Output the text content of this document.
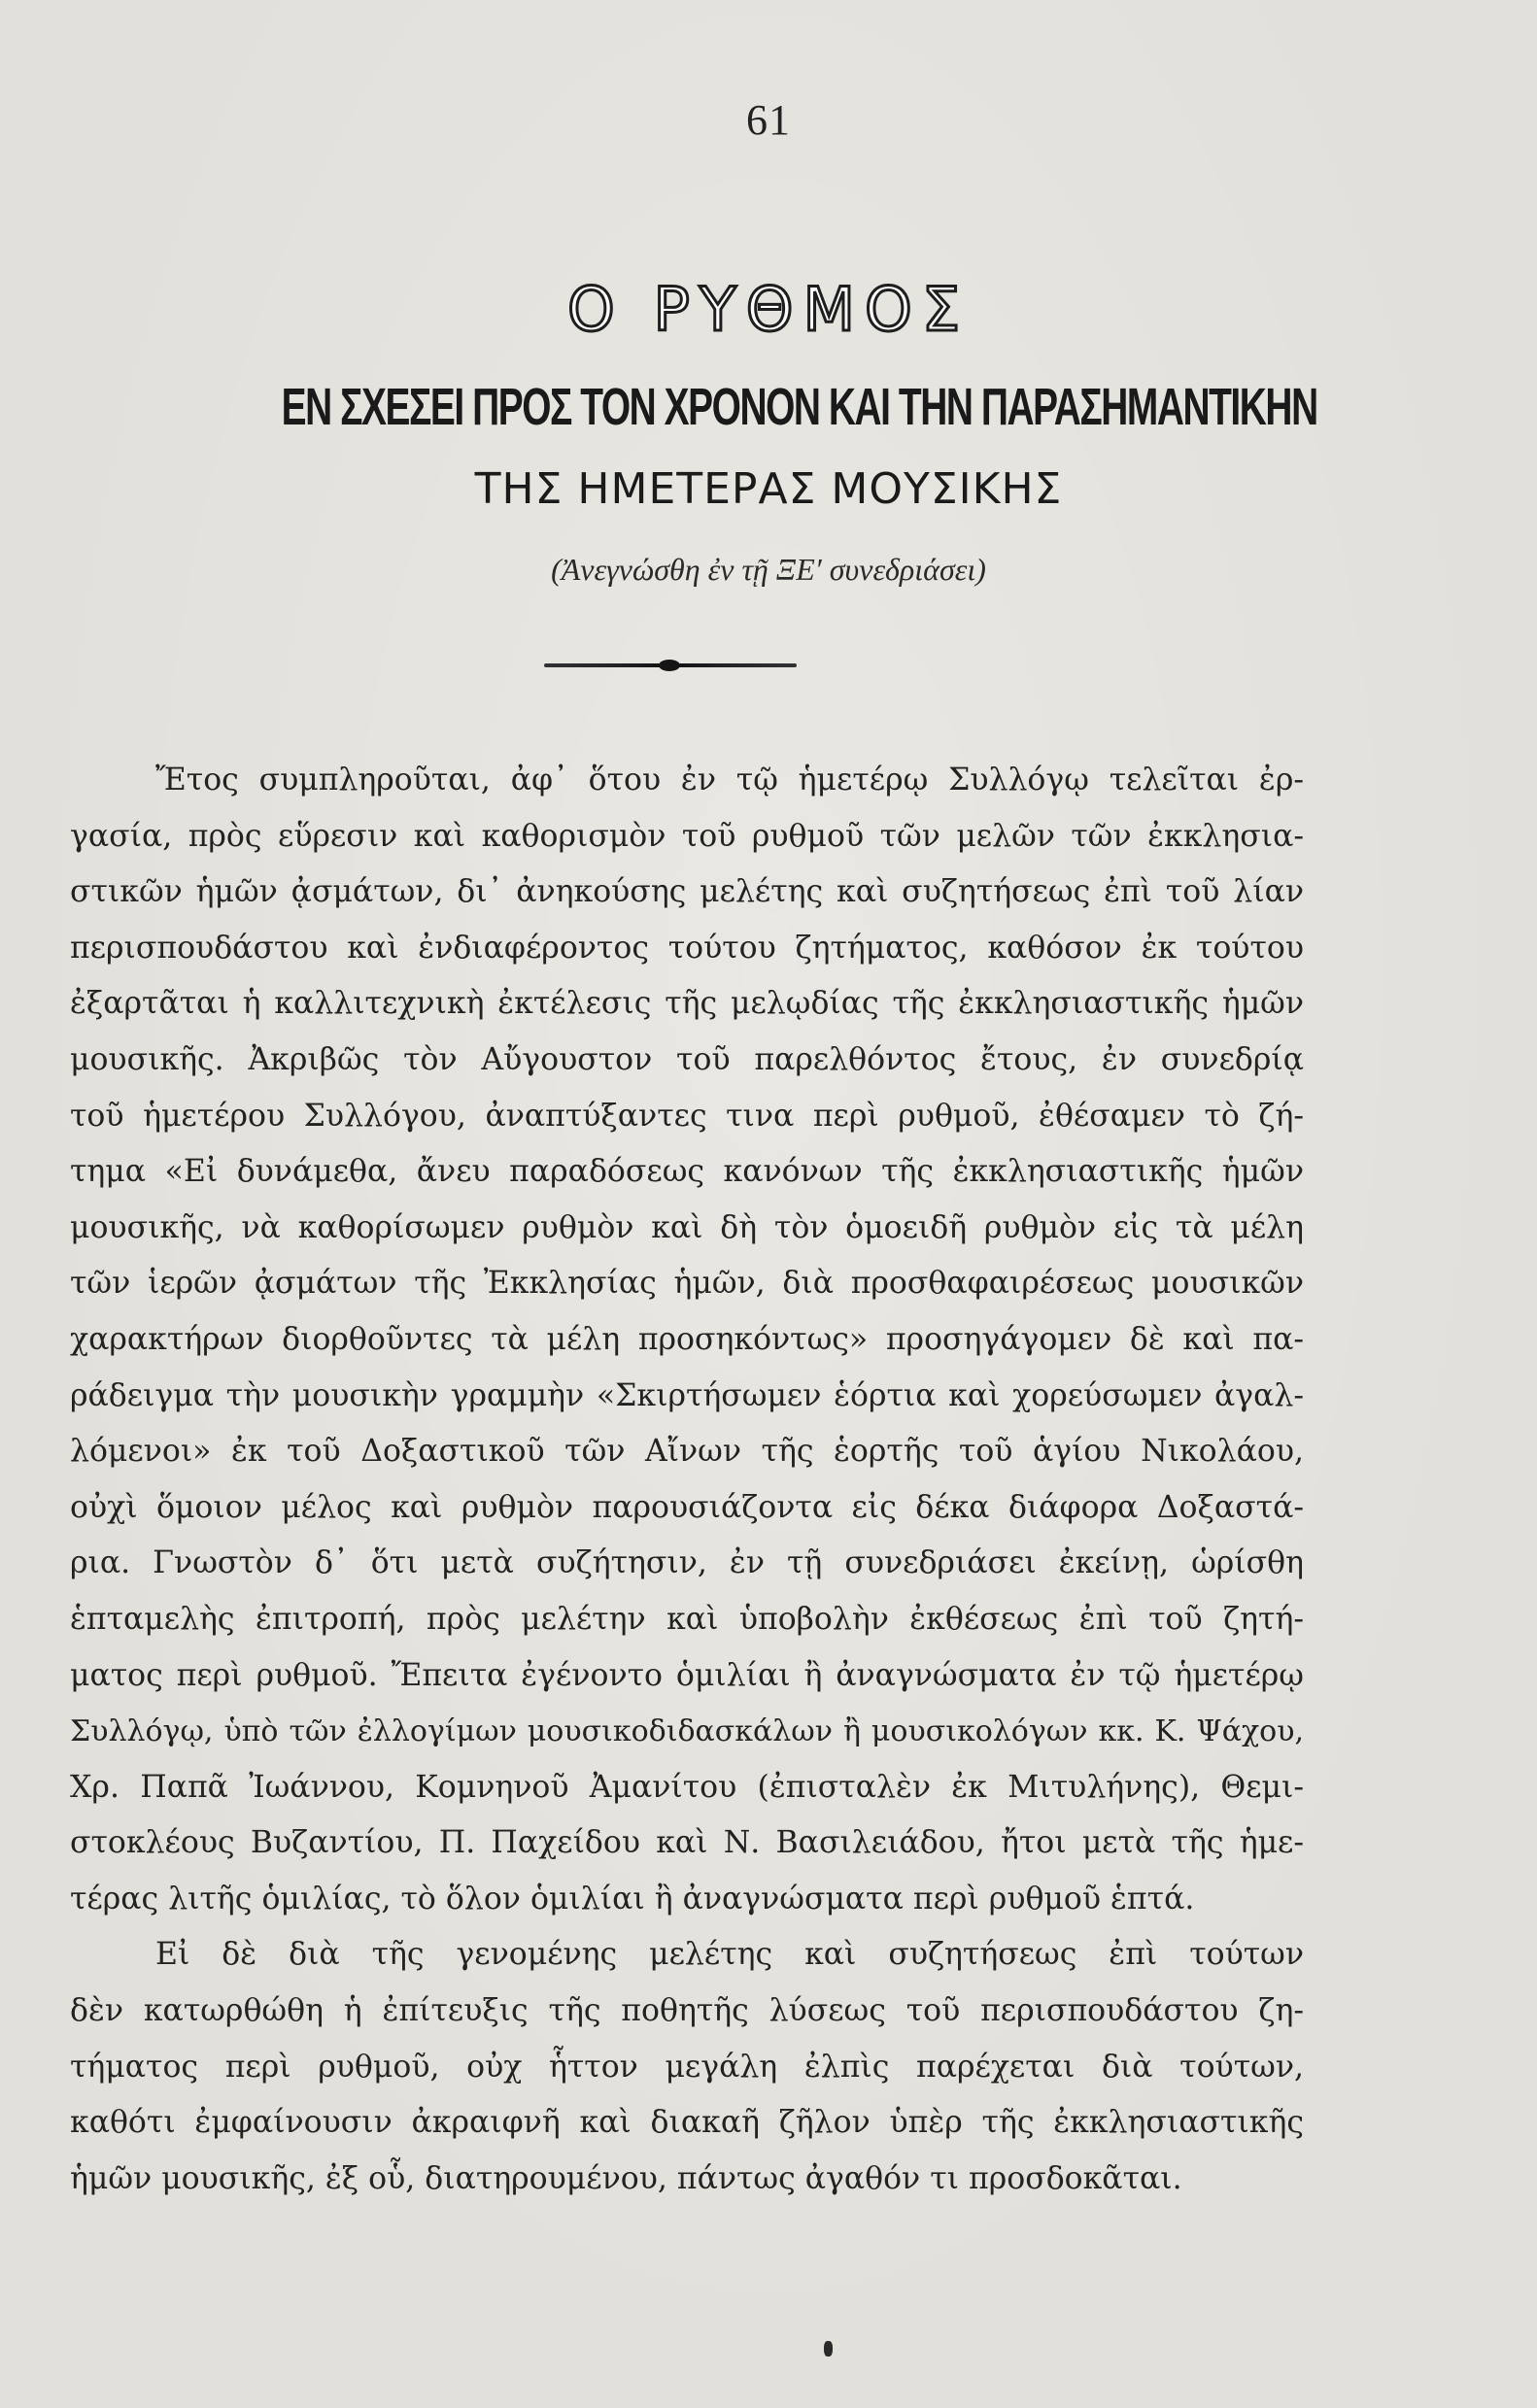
61
Ο ΡΥΘΜΟΣ
ΕΝ ΣΧΕΣΕΙ ΠΡΟΣ ΤΟΝ ΧΡΟΝΟΝ ΚΑΙ ΤΗΝ ΠΑΡΑΣΗΜΑΝΤΙΚΗΝ
ΤΗΣ ΗΜΕΤΕΡΑΣ ΜΟΥΣΙΚΗΣ
(Ἀνεγνώσθη ἐν τῇ ΞΕ′ συνεδριάσει)
Ἔτος συμπληροῦται, ἀφ᾽ ὅτου ἐν τῷ ἡμετέρῳ Συλλόγῳ τελεῖται ἐρ-
γασία, πρὸς εὕρεσιν καὶ καθορισμὸν τοῦ ρυθμοῦ τῶν μελῶν τῶν ἐκκλησια-
στικῶν ἡμῶν ᾀσμάτων, δι᾽ ἀνηκούσης μελέτης καὶ συζητήσεως ἐπὶ τοῦ λίαν
περισπουδάστου καὶ ἐνδιαφέροντος τούτου ζητήματος, καθόσον ἐκ τούτου
ἐξαρτᾶται ἡ καλλιτεχνικὴ ἐκτέλεσις τῆς μελῳδίας τῆς ἐκκλησιαστικῆς ἡμῶν
μουσικῆς. Ἀκριβῶς τὸν Αὔγουστον τοῦ παρελθόντος ἔτους, ἐν συνεδρίᾳ
τοῦ ἡμετέρου Συλλόγου, ἀναπτύξαντες τινα περὶ ρυθμοῦ, ἐθέσαμεν τὸ ζή-
τημα «Εἰ δυνάμεθα, ἄνευ παραδόσεως κανόνων τῆς ἐκκλησιαστικῆς ἡμῶν
μουσικῆς, νὰ καθορίσωμεν ρυθμὸν καὶ δὴ τὸν ὁμοειδῆ ρυθμὸν εἰς τὰ μέλη
τῶν ἱερῶν ᾀσμάτων τῆς Ἐκκλησίας ἡμῶν, διὰ προσθαφαιρέσεως μουσικῶν
χαρακτήρων διορθοῦντες τὰ μέλη προσηκόντως» προσηγάγομεν δὲ καὶ πα-
ράδειγμα τὴν μουσικὴν γραμμὴν «Σκιρτήσωμεν ἑόρτια καὶ χορεύσωμεν ἀγαλ-
λόμενοι» ἐκ τοῦ Δοξαστικοῦ τῶν Αἴνων τῆς ἑορτῆς τοῦ ἁγίου Νικολάου,
οὐχὶ ὅμοιον μέλος καὶ ρυθμὸν παρουσιάζοντα εἰς δέκα διάφορα Δοξαστά-
ρια. Γνωστὸν δ᾽ ὅτι μετὰ συζήτησιν, ἐν τῇ συνεδριάσει ἐκείνῃ, ὡρίσθη
ἑπταμελὴς ἐπιτροπή, πρὸς μελέτην καὶ ὑποβολὴν ἐκθέσεως ἐπὶ τοῦ ζητή-
ματος περὶ ρυθμοῦ. Ἔπειτα ἐγένοντο ὁμιλίαι ἢ ἀναγνώσματα ἐν τῷ ἡμετέρῳ
Συλλόγῳ, ὑπὸ τῶν ἐλλογίμων μουσικοδιδασκάλων ἢ μουσικολόγων κκ. Κ. Ψάχου,
Χρ. Παπᾶ Ἰωάννου, Κομνηνοῦ Ἀμανίτου (ἐπισταλὲν ἐκ Μιτυλήνης), Θεμι-
στοκλέους Βυζαντίου, Π. Παχείδου καὶ Ν. Βασιλειάδου, ἤτοι μετὰ τῆς ἡμε-
τέρας λιτῆς ὁμιλίας, τὸ ὅλον ὁμιλίαι ἢ ἀναγνώσματα περὶ ρυθμοῦ ἑπτά.
Εἰ δὲ διὰ τῆς γενομένης μελέτης καὶ συζητήσεως ἐπὶ τούτων
δὲν κατωρθώθη ἡ ἐπίτευξις τῆς ποθητῆς λύσεως τοῦ περισπουδάστου ζη-
τήματος περὶ ρυθμοῦ, οὐχ ἧττον μεγάλη ἐλπὶς παρέχεται διὰ τούτων,
καθότι ἐμφαίνουσιν ἀκραιφνῆ καὶ διακαῆ ζῆλον ὑπὲρ τῆς ἐκκλησιαστικῆς
ἡμῶν μουσικῆς, ἐξ οὗ, διατηρουμένου, πάντως ἀγαθόν τι προσδοκᾶται.
